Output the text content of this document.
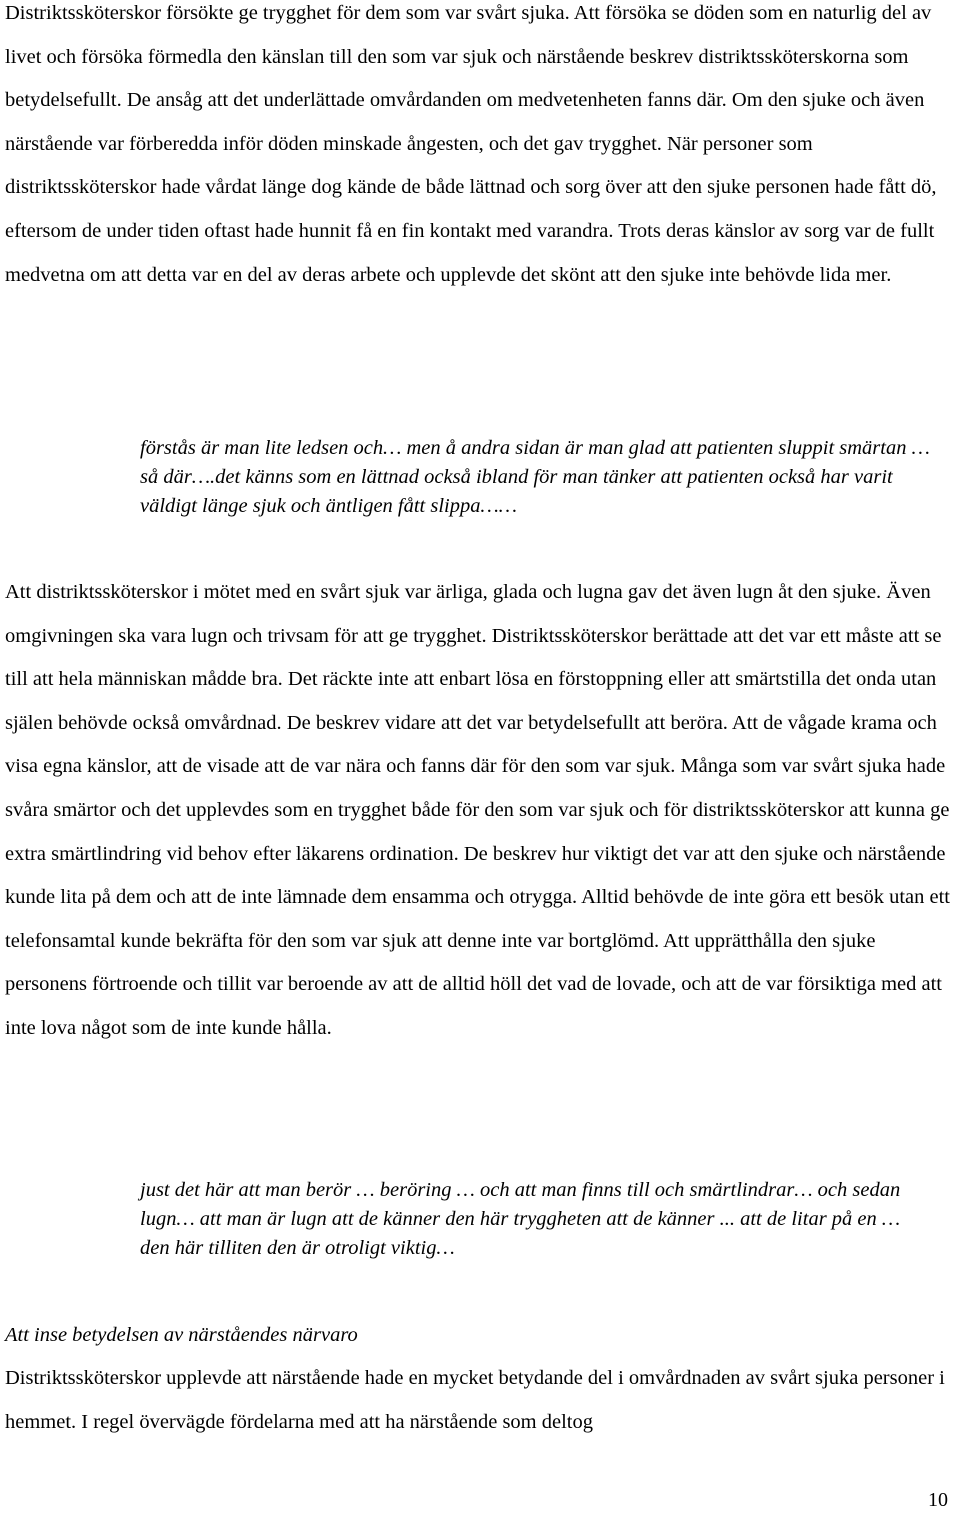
Distriktssköterskor försökte ge trygghet för dem som var svårt sjuka. Att försöka se döden som en naturlig del av livet och försöka förmedla den känslan till den som var sjuk och närstående beskrev distriktssköterskorna som betydelsefullt. De ansåg att det underlättade omvårdanden om medvetenheten fanns där. Om den sjuke och även närstående var förberedda inför döden minskade ångesten, och det gav trygghet. När personer som distriktssköterskor hade vårdat länge dog kände de både lättnad och sorg över att den sjuke personen hade fått dö, eftersom de under tiden oftast hade hunnit få en fin kontakt med varandra. Trots deras känslor av sorg var de fullt medvetna om att detta var en del av deras arbete och upplevde det skönt att den sjuke inte behövde lida mer.

förstås är man lite ledsen och… men å andra sidan är man glad att patienten sluppit smärtan … så där….det känns som en lättnad också ibland för man tänker att patienten också har varit väldigt länge sjuk och äntligen fått slippa……

Att distriktssköterskor i mötet med en svårt sjuk var ärliga, glada och lugna gav det även lugn åt den sjuke. Även omgivningen ska vara lugn och trivsam för att ge trygghet. Distriktssköterskor berättade att det var ett måste att se till att hela människan mådde bra. Det räckte inte att enbart lösa en förstoppning eller att smärtstilla det onda utan själen behövde också omvårdnad. De beskrev vidare att det var betydelsefullt att beröra. Att de vågade krama och visa egna känslor, att de visade att de var nära och fanns där för den som var sjuk. Många som var svårt sjuka hade svåra smärtor och det upplevdes som en trygghet både för den som var sjuk och för distriktssköterskor att kunna ge extra smärtlindring vid behov efter läkarens ordination. De beskrev hur viktigt det var att den sjuke och närstående kunde lita på dem och att de inte lämnade dem ensamma och otrygga. Alltid behövde de inte göra ett besök utan ett telefonsamtal kunde bekräfta för den som var sjuk att denne inte var bortglömd. Att upprätthålla den sjuke personens förtroende och tillit var beroende av att de alltid höll det vad de lovade, och att de var försiktiga med att inte lova något som de inte kunde hålla.

just det här att man berör … beröring … och att man finns till och smärtlindrar… och sedan lugn… att man är lugn att de känner den här tryggheten att de känner ... att de litar på en … den här tilliten den är otroligt viktig…

Att inse betydelsen av närståendes närvaro

Distriktssköterskor upplevde att närstående hade en mycket betydande del i omvårdnaden av svårt sjuka personer i hemmet. I regel övervägde fördelarna med att ha närstående som deltog

10
